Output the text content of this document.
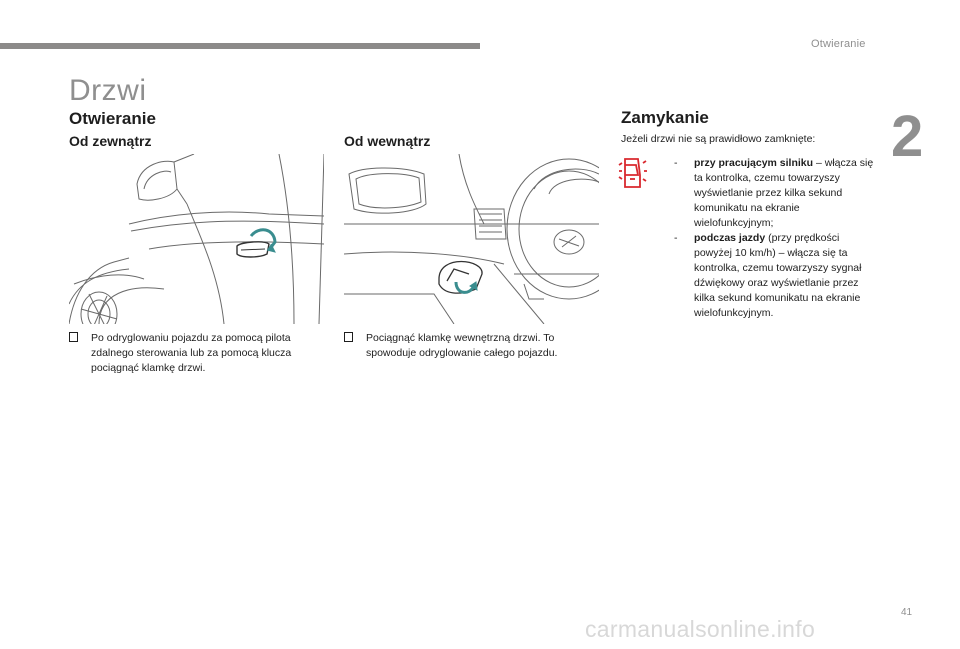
Otwieranie
2
Drzwi
Otwieranie
Od zewnątrz	Od wewnątrz
Po odryglowaniu pojazdu za pomocą pilota zdalnego sterowania lub za pomocą klucza pociągnąć klamkę drzwi.
Pociągnąć klamkę wewnętrzną drzwi. To spowoduje odryglowanie całego pojazdu.
Zamykanie
Jeżeli drzwi nie są prawidłowo zamknięte:
-	przy pracującym silniku – włącza się ta kontrolka, czemu towarzyszy wyświetlanie przez kilka sekund komunikatu na ekranie wielofunkcyjnym;
-	podczas jazdy (przy prędkości powyżej 10 km/h) – włącza się ta kontrolka, czemu towarzyszy sygnał dźwiękowy oraz wyświetlanie przez kilka sekund komunikatu na ekranie wielofunkcyjnym.
41
carmanualsonline.info
